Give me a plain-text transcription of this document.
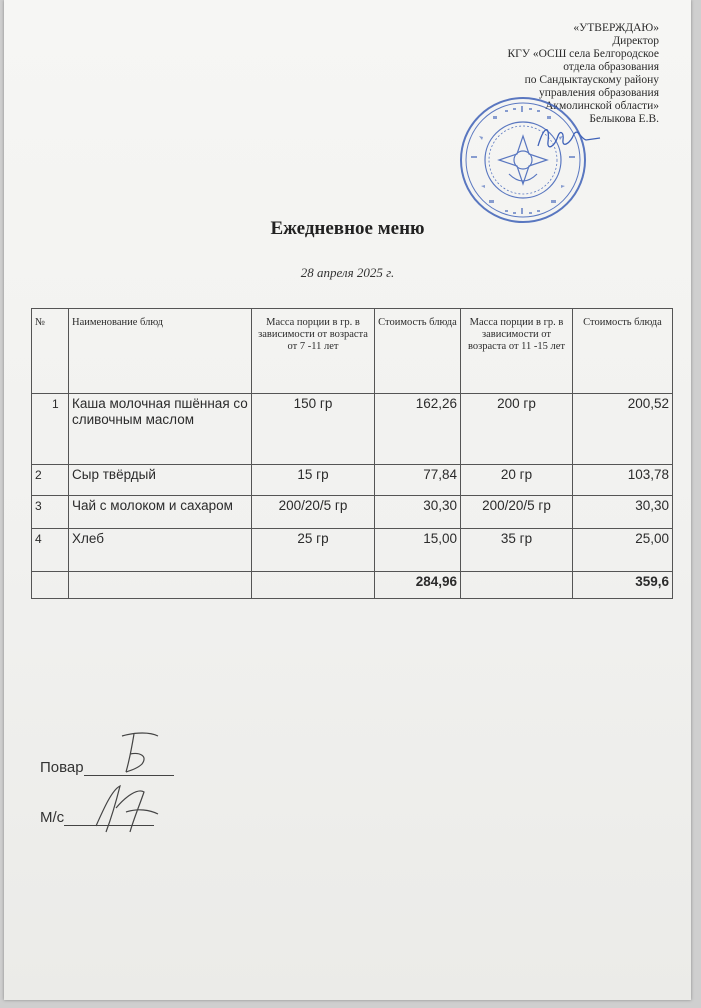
«УТВЕРЖДАЮ»
Директор
КГУ «ОСШ села Белгородское
отдела образования
по Сандыктаускому району
управления образования
Акмолинской области»
Белыкова Е.В.
Ежедневное меню
28 апреля 2025 г.
№	Наименование блюд	Масса порции в гр. в зависимости от возраста от 7 -11 лет	Стоимость блюда	Масса порции в гр. в зависимости от возраста от 11 -15 лет	Стоимость блюда
1	Каша молочная пшённая со сливочным маслом	150 гр	162,26	200 гр	200,52
2	Сыр твёрдый	15 гр	77,84	20 гр	103,78
3	Чай с молоком и сахаром	200/20/5 гр	30,30	200/20/5 гр	30,30
4	Хлеб	25 гр	15,00	35 гр	25,00
			284,96		359,6
Повар
М/с
